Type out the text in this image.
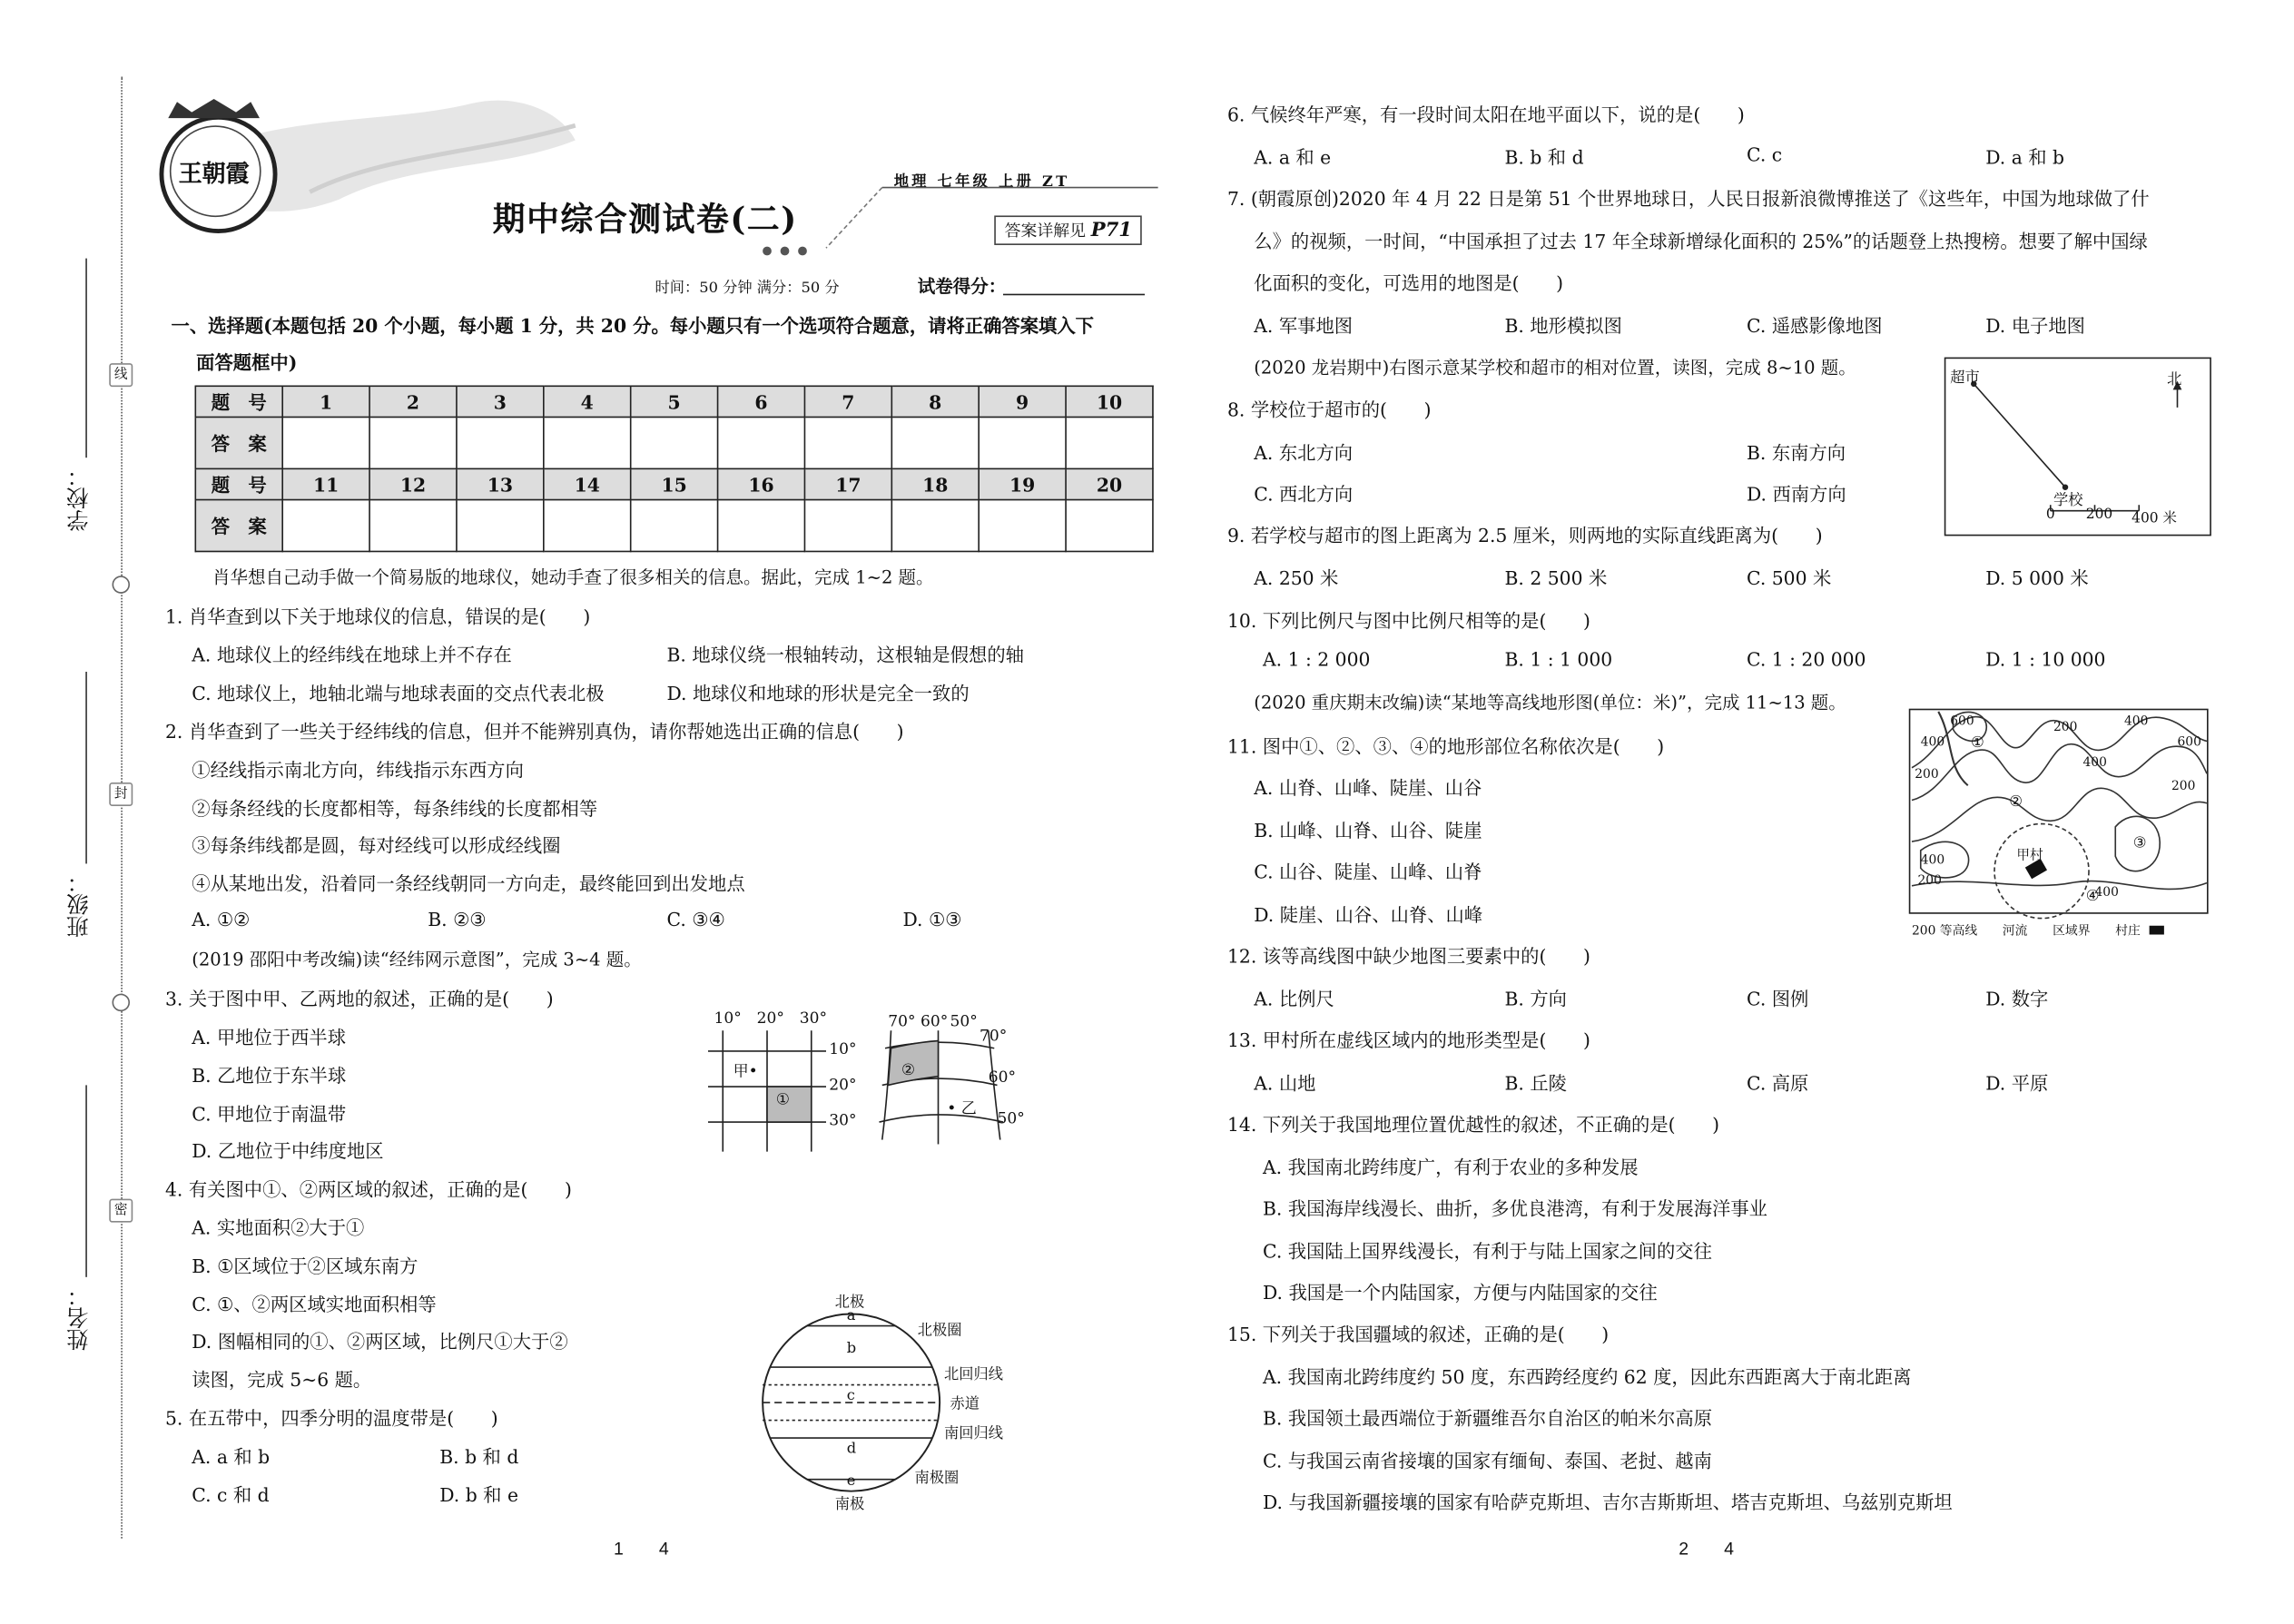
学校：
班级：
姓名：
线
封
密
王朝霞	地理 七年级 上册 ZT
期中综合测试卷(二)	答案详解见 P71
时间：50 分钟 满分：50 分	试卷得分：
一、选择题(本题包括 20 个小题，每小题 1 分，共 20 分。每小题只有一个选项符合题意，请将正确答案填入下
面答题框中)
题　号	1	2	3	4	5	6	7	8	9	10
答　案										
题　号	11	12	13	14	15	16	17	18	19	20
答　案										
肖华想自己动手做一个简易版的地球仪，她动手查了很多相关的信息。据此，完成 1~2 题。
1. 肖华查到以下关于地球仪的信息，错误的是(　　)
A. 地球仪上的经纬线在地球上并不存在	B. 地球仪绕一根轴转动，这根轴是假想的轴
C. 地球仪上，地轴北端与地球表面的交点代表北极	D. 地球仪和地球的形状是完全一致的
2. 肖华查到了一些关于经纬线的信息，但并不能辨别真伪，请你帮她选出正确的信息(　　)
①经线指示南北方向，纬线指示东西方向
②每条经线的长度都相等，每条纬线的长度都相等
③每条纬线都是圆，每对经线可以形成经线圈
④从某地出发，沿着同一条经线朝同一方向走，最终能回到出发地点
A. ①②	B. ②③	C. ③④	D. ①③
(2019 邵阳中考改编)读“经纬网示意图”，完成 3~4 题。
3. 关于图中甲、乙两地的叙述，正确的是(　　)
A. 甲地位于西半球
B. 乙地位于东半球
C. 甲地位于南温带
D. 乙地位于中纬度地区
4. 有关图中①、②两区域的叙述，正确的是(　　)
A. 实地面积②大于①
B. ①区域位于②区域东南方
C. ①、②两区域实地面积相等
D. 图幅相同的①、②两区域，比例尺①大于②
读图，完成 5~6 题。
5. 在五带中，四季分明的温度带是(　　)
A. a 和 b	B. b 和 d
C. c 和 d	D. b 和 e
1　　4
10° 20° 30°
10°
20°
30°
甲•
①
70° 60° 50°
70°
60°
50°
②
• 乙
北极
南极
北极圈
北回归线
赤道
南回归线
南极圈
a
b
c
d
e
6. 气候终年严寒，有一段时间太阳在地平面以下，说的是(　　)
A. a 和 e	B. b 和 d	C. c	D. a 和 b
7. (朝霞原创)2020 年 4 月 22 日是第 51 个世界地球日，人民日报新浪微博推送了《这些年，中国为地球做了什
么》的视频，一时间，“中国承担了过去 17 年全球新增绿化面积的 25%”的话题登上热搜榜。想要了解中国绿
化面积的变化，可选用的地图是(　　)
A. 军事地图	B. 地形模拟图	C. 遥感影像地图	D. 电子地图
(2020 龙岩期中)右图示意某学校和超市的相对位置，读图，完成 8~10 题。
8. 学校位于超市的(　　)
A. 东北方向	B. 东南方向
C. 西北方向	D. 西南方向
9. 若学校与超市的图上距离为 2.5 厘米，则两地的实际直线距离为(　　)
A. 250 米	B. 2 500 米	C. 500 米	D. 5 000 米
10. 下列比例尺与图中比例尺相等的是(　　)
A. 1 : 2 000	B. 1 : 1 000	C. 1 : 20 000	D. 1 : 10 000
(2020 重庆期末改编)读“某地等高线地形图(单位：米)”，完成 11~13 题。
11. 图中①、②、③、④的地形部位名称依次是(　　)
A. 山脊、山峰、陡崖、山谷
B. 山峰、山脊、山谷、陡崖
C. 山谷、陡崖、山峰、山脊
D. 陡崖、山谷、山脊、山峰
12. 该等高线图中缺少地图三要素中的(　　)
A. 比例尺	B. 方向	C. 图例	D. 数字
13. 甲村所在虚线区域内的地形类型是(　　)
A. 山地	B. 丘陵	C. 高原	D. 平原
14. 下列关于我国地理位置优越性的叙述，不正确的是(　　)
A. 我国南北跨纬度广，有利于农业的多种发展
B. 我国海岸线漫长、曲折，多优良港湾，有利于发展海洋事业
C. 我国陆上国界线漫长，有利于与陆上国家之间的交往
D. 我国是一个内陆国家，方便与内陆国家的交往
15. 下列关于我国疆域的叙述，正确的是(　　)
A. 我国南北跨纬度约 50 度，东西跨经度约 62 度，因此东西距离大于南北距离
B. 我国领土最西端位于新疆维吾尔自治区的帕米尔高原
C. 与我国云南省接壤的国家有缅甸、泰国、老挝、越南
D. 与我国新疆接壤的国家有哈萨克斯坦、吉尔吉斯斯坦、塔吉克斯坦、乌兹别克斯坦
2　　4
超市
学校
北
0	200 400 米
600
400
200
200
400
400
600
200
400
200
400
甲村
①
②
③
④
200 等高线　　河流　　区域界　　村庄
